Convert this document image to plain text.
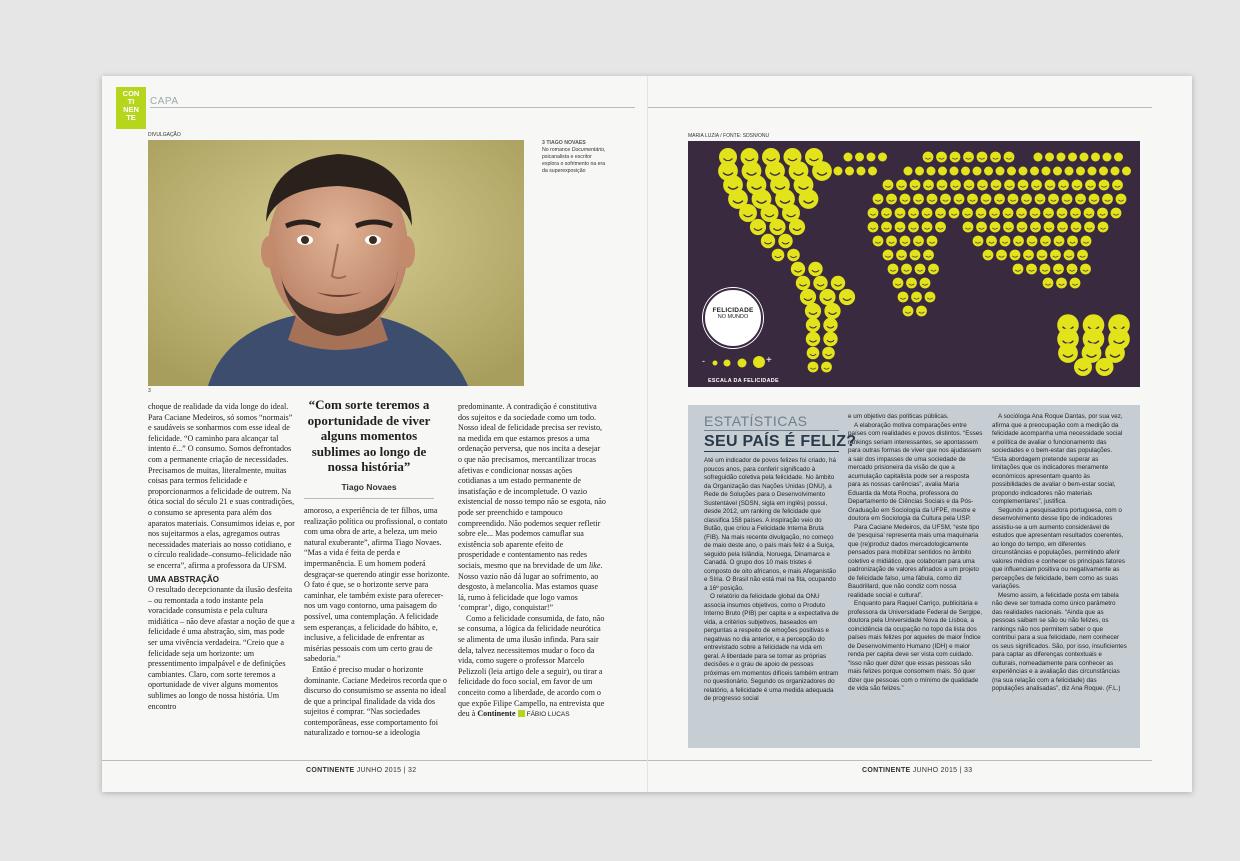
CON
TI
NEN
TE
CAPA
DIVULGAÇÃO
3
3 TIAGO NOVAES
No romance Documentário, psicanalista e escritor explora o sofrimento na era da superexposição

choque de realidade da vida longe do ideal. Para Caciane Medeiros, só somos “normais” e saudáveis se sonharmos com esse ideal de felicidade. “O caminho para alcançar tal intento é...” O consumo. Somos defrontados com a permanente criação de necessidades. Precisamos de muitas, literalmente, muitas coisas para termos felicidade e proporcionarmos a felicidade de outrem. Na ótica social do século 21 e suas contradições, o consumo se apresenta para além dos aparatos materiais. Consumimos ideias e, por nos sujeitarmos a elas, agregamos outras necessidades materiais ao nosso cotidiano, e o círculo realidade–consumo–felicidade não se encerra”, afirma a professora da UFSM.

UMA ABSTRAÇÃO

O resultado decepcionante da ilusão desfeita – ou remontada a todo instante pela voracidade consumista e pela cultura midiática – não deve afastar a noção de que a felicidade é uma abstração, sim, mas pode ser uma vivência verdadeira. “Creio que a felicidade seja um horizonte: um pressentimento impalpável e de definições cambiantes. Claro, com sorte teremos a oportunidade de viver alguns momentos sublimes ao longo de nossa história. Um encontro

“Com sorte teremos a oportunidade de viver alguns momentos sublimes ao longo de nossa história”
Tiago Novaes

amoroso, a experiência de ter filhos, uma realização política ou profissional, o contato com uma obra de arte, a beleza, um meio natural exuberante”, afirma Tiago Novaes. “Mas a vida é feita de perda e impermanência. E um homem poderá desgraçar-se querendo atingir esse horizonte. O fato é que, se o horizonte serve para caminhar, ele também existe para oferecer-nos um vago contorno, uma paisagem do possível, uma contemplação. A felicidade sem esperanças, a felicidade do hábito, e, inclusive, a felicidade de enfrentar as misérias pessoais com um certo grau de sabedoria.”

Então é preciso mudar o horizonte dominante. Caciane Medeiros recorda que o discurso do consumismo se assenta no ideal de que a principal finalidade da vida dos sujeitos é comprar. “Nas sociedades contemporâneas, esse comportamento foi naturalizado e tornou-se a ideologia

predominante. A contradição é constitutiva dos sujeitos e da sociedade como um todo. Nosso ideal de felicidade precisa ser revisto, na medida em que estamos presos a uma ordenação perversa, que nos incita a desejar o que não precisamos, mercantilizar trocas afetivas e condicionar nossas ações cotidianas a um estado permanente de insatisfação e de incompletude. O vazio existencial de nosso tempo não se esgota, não pode ser preenchido e tampouco compreendido. Não podemos sequer refletir sobre ele... Mas podemos camuflar sua existência sob aparente efeito de prosperidade e contentamento nas redes sociais, mesmo que na brevidade de um like. Nosso vazio não dá lugar ao sofrimento, ao desgosto, à melancolia. Mas estamos quase lá, rumo à felicidade que logo vamos ‘comprar’, digo, conquistar!”

Como a felicidade consumida, de fato, não se consuma, a lógica da felicidade neurótica se alimenta de uma ilusão infinda. Para sair dela, talvez necessitemos mudar o foco da vida, como sugere o professor Marcelo Pelizzoli (leia artigo dele a seguir), ou tirar a felicidade do foco social, em favor de um conceito como a liberdade, de acordo com o que expõe Filipe Campello, na entrevista que deu à Continente FÁBIO LUCAS

CONTINENTE JUNHO 2015 | 32
MARIA LUZIA / FONTE: SDSN/ONU
FELICIDADE
NO MUNDO
-	+
ESCALA DA FELICIDADE
ESTATÍSTICAS
SEU PAÍS É FELIZ?

Até um indicador de povos felizes foi criado, há poucos anos, para conferir significado à sofreguidão coletiva pela felicidade. No âmbito da Organização das Nações Unidas (ONU), a Rede de Soluções para o Desenvolvimento Sustentável (SDSN, sigla em inglês) possui, desde 2012, um ranking de felicidade que classifica 158 países. A inspiração veio do Butão, que criou a Felicidade Interna Bruta (FIB). Na mais recente divulgação, no começo de maio deste ano, o país mais feliz é a Suíça, seguido pela Islândia, Noruega, Dinamarca e Canadá. O grupo dos 10 mais tristes é composto de oito africanos, e mais Afeganistão e Síria. O Brasil não está mal na fita, ocupando a 16º posição.

O relatório da felicidade global da ONU associa insumos objetivos, como o Produto Interno Bruto (PIB) per capita e a expectativa de vida, a critérios subjetivos, baseados em perguntas a respeito de emoções positivas e negativas no dia anterior, e a percepção do entrevistado sobre a felicidade na vida em geral. A liberdade para se tomar as próprias decisões e o grau de apoio de pessoas próximas em momentos difíceis também entram no questionário. Segundo os organizadores do relatório, a felicidade é uma medida adequada de progresso social

e um objetivo das políticas públicas.

A elaboração motiva comparações entre países com realidades e povos distintos. “Esses rankings seriam interessantes, se apontassem para outras formas de viver que nos ajudassem a sair dos impasses de uma sociedade de mercado prisioneira da visão de que a acumulação capitalista pode ser a resposta para as nossas carências”, avalia Maria Eduarda da Mota Rocha, professora do Departamento de Ciências Sociais e da Pós-Graduação em Sociologia da UFPE, mestre e doutora em Sociologia da Cultura pela USP.

Para Caciane Medeiros, da UFSM, “este tipo de ‘pesquisa’ representa mais uma maquinaria que (re)produz dados mercadologicamente pensados para mobilizar sentidos no âmbito coletivo e midiático, que colaboram para uma padronização de valores afinados a um projeto de felicidade falso, uma fábula, como diz Baudrillard, que não condiz com nossa realidade social e cultural”.

Enquanto para Raquel Carriço, publicitária e professora da Universidade Federal de Sergipe, doutora pela Universidade Nova de Lisboa, a coincidência da ocupação no topo da lista dos países mais felizes por aqueles de maior Índice de Desenvolvimento Humano (IDH) e maior renda per capita deve ser vista com cuidado. “Isso não quer dizer que essas pessoas são mais felizes porque consomem mais. Só quer dizer que pessoas com o mínimo de qualidade de vida são felizes.”

A socióloga Ana Roque Dantas, por sua vez, afirma que a preocupação com a medição da felicidade acompanha uma necessidade social e política de avaliar o funcionamento das sociedades e o bem-estar das populações. “Esta abordagem pretende superar as limitações que os indicadores meramente económicos apresentam quanto às possibilidades de avaliar o bem-estar social, propondo indicadores não materiais complementares”, justifica.

Segundo a pesquisadora portuguesa, com o desenvolvimento desse tipo de indicadores assistiu-se a um aumento considerável de estudos que apresentam resultados coerentes, ao longo do tempo, em diferentes circunstâncias e populações, permitindo aferir valores médios e conhecer os principais fatores que influenciam positiva ou negativamente as percepções de felicidade, bem como as suas variações.

Mesmo assim, a felicidade posta em tabela não deve ser tomada como único parâmetro das realidades nacionais. “Ainda que as pessoas saibam se são ou não felizes, os rankings não nos permitem saber o que contribui para a sua felicidade, nem conhecer os seus significados. São, por isso, insuficientes para captar as diferenças contextuais e culturais, nomeadamente para conhecer as experiências e a avaliação das circunstâncias (na sua relação com a felicidade) das populações analisadas”, diz Ana Roque. (F.L.)

CONTINENTE JUNHO 2015 | 33
